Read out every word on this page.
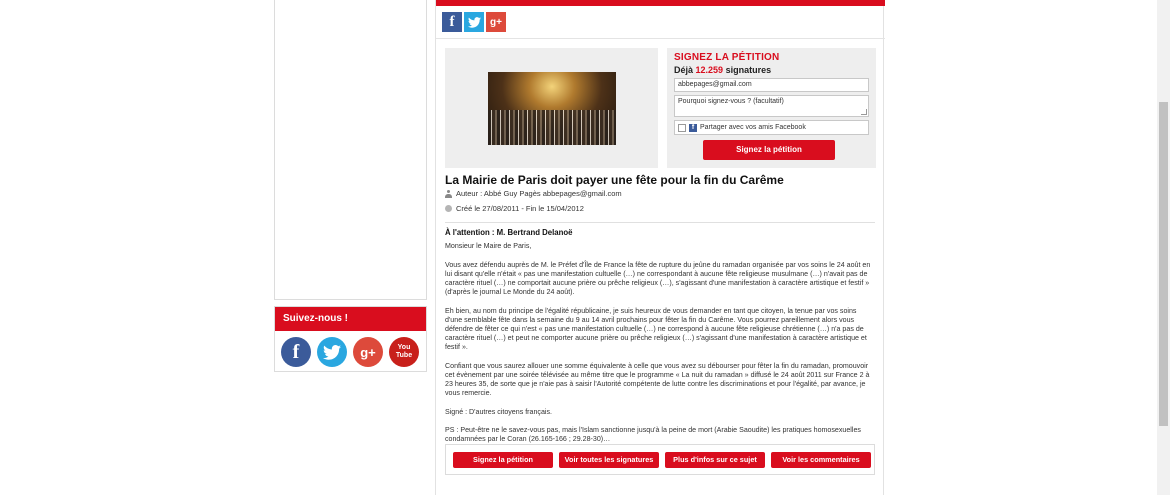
Suivez-nous !
f	g+	You
Tube
f	g+
SIGNEZ LA PÉTITION
Déjà 12.259 signatures
abbepages@gmail.com
Pourquoi signez-vous ? (facultatif)
f Partager avec vos amis Facebook
Signez la pétition
La Mairie de Paris doit payer une fête pour la fin du Carême
Auteur : Abbé Guy Pagès abbepages@gmail.com
Créé le 27/08/2011 - Fin le 15/04/2012
À l'attention : M. Bertrand Delanoë

Monsieur le Maire de Paris,

Vous avez défendu auprès de M. le Préfet d'Île de France la fête de rupture du jeûne du ramadan organisée par vos soins le 24 août en lui disant qu'elle n'était « pas une manifestation cultuelle (…) ne correspondant à aucune fête religieuse musulmane (…) n'avait pas de caractère rituel (…) ne comportait aucune prière ou prêche religieux (…), s'agissant d'une manifestation à caractère artistique et festif » (d'après le journal Le Monde du 24 août).

Eh bien, au nom du principe de l'égalité républicaine, je suis heureux de vous demander en tant que citoyen, la tenue par vos soins d'une semblable fête dans la semaine du 9 au 14 avril prochains pour fêter la fin du Carême. Vous pourrez pareillement alors vous défendre de fêter ce qui n'est « pas une manifestation cultuelle (…) ne correspond à aucune fête religieuse chrétienne (…) n'a pas de caractère rituel (…) et peut ne comporter aucune prière ou prêche religieux (…) s'agissant d'une manifestation à caractère artistique et festif ».

Confiant que vous saurez allouer une somme équivalente à celle que vous avez su débourser pour fêter la fin du ramadan, promouvoir cet évènement par une soirée télévisée au même titre que le programme « La nuit du ramadan » diffusé le 24 août 2011 sur France 2 à 23 heures 35, de sorte que je n'aie pas à saisir l'Autorité compétente de lutte contre les discriminations et pour l'égalité, par avance, je vous remercie.

Signé : D'autres citoyens français.

PS : Peut-être ne le savez-vous pas, mais l'Islam sanctionne jusqu'à la peine de mort (Arabie Saoudite) les pratiques homosexuelles condamnées par le Coran (26.165-166 ; 29.28-30)…

Signez la pétition	Voir toutes les signatures	Plus d'infos sur ce sujet	Voir les commentaires
